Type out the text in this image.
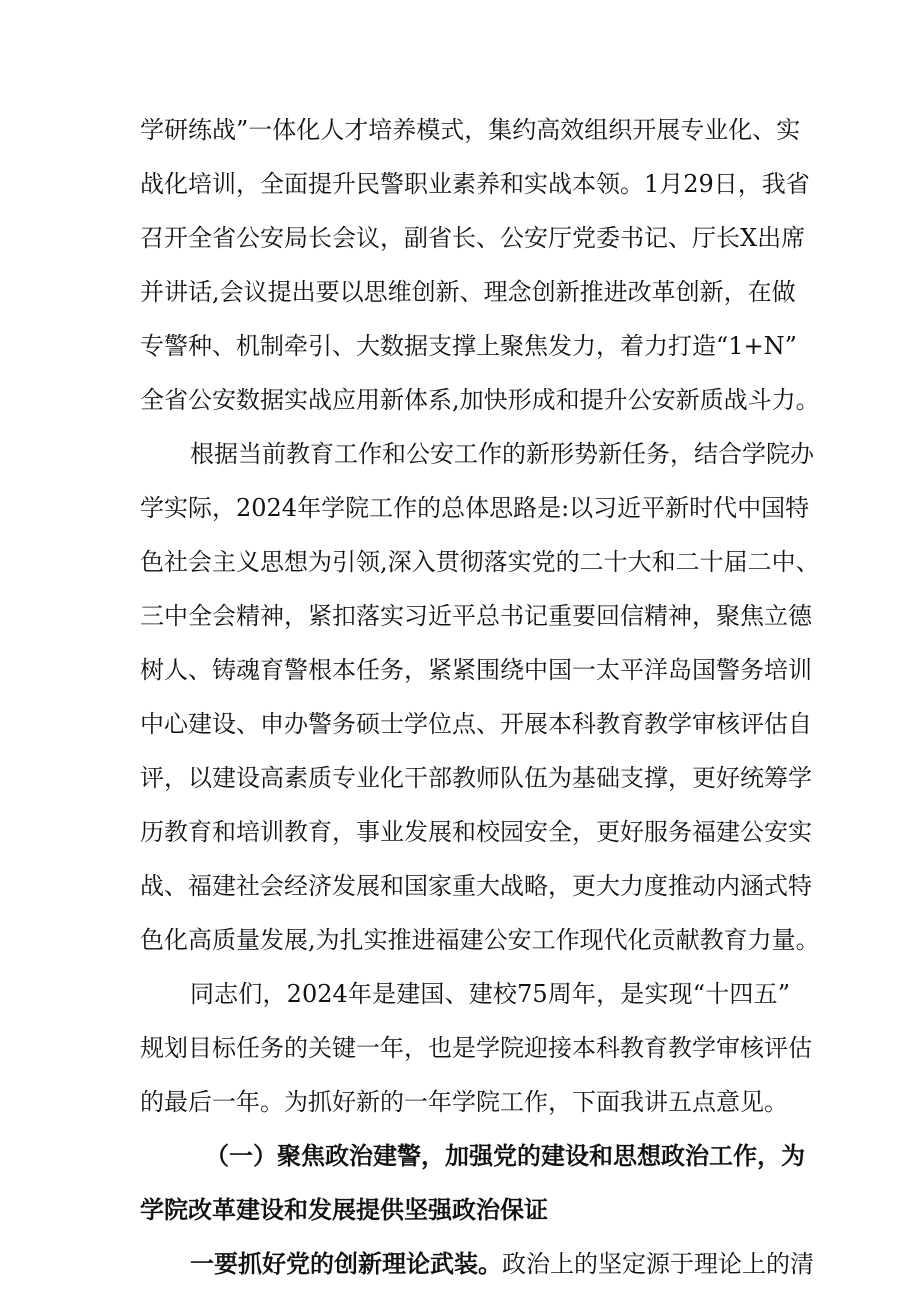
学研练战”一体化人才培养模式，集约高效组织开展专业化、实
战化培训，全面提升民警职业素养和实战本领。1月29日，我省
召开全省公安局长会议，副省长、公安厅党委书记、厅长X出席
并讲话,会议提出要以思维创新、理念创新推进改革创新，在做
专警种、机制牵引、大数据支撑上聚焦发力，着力打造“1+N”
全省公安数据实战应用新体系,加快形成和提升公安新质战斗力。
根据当前教育工作和公安工作的新形势新任务，结合学院办
学实际，2024年学院工作的总体思路是:以习近平新时代中国特
色社会主义思想为引领,深入贯彻落实党的二十大和二十届二中、
三中全会精神，紧扣落实习近平总书记重要回信精神，聚焦立德
树人、铸魂育警根本任务，紧紧围绕中国一太平洋岛国警务培训
中心建设、申办警务硕士学位点、开展本科教育教学审核评估自
评，以建设高素质专业化干部教师队伍为基础支撑，更好统筹学
历教育和培训教育，事业发展和校园安全，更好服务福建公安实
战、福建社会经济发展和国家重大战略，更大力度推动内涵式特
色化高质量发展,为扎实推进福建公安工作现代化贡献教育力量。
同志们，2024年是建国、建校75周年，是实现“十四五”
规划目标任务的关键一年，也是学院迎接本科教育教学审核评估
的最后一年。为抓好新的一年学院工作，下面我讲五点意见。
（一）聚焦政治建警，加强党的建设和思想政治工作，为
学院改革建设和发展提供坚强政治保证
一要抓好党的创新理论武装。政治上的坚定源于理论上的清
